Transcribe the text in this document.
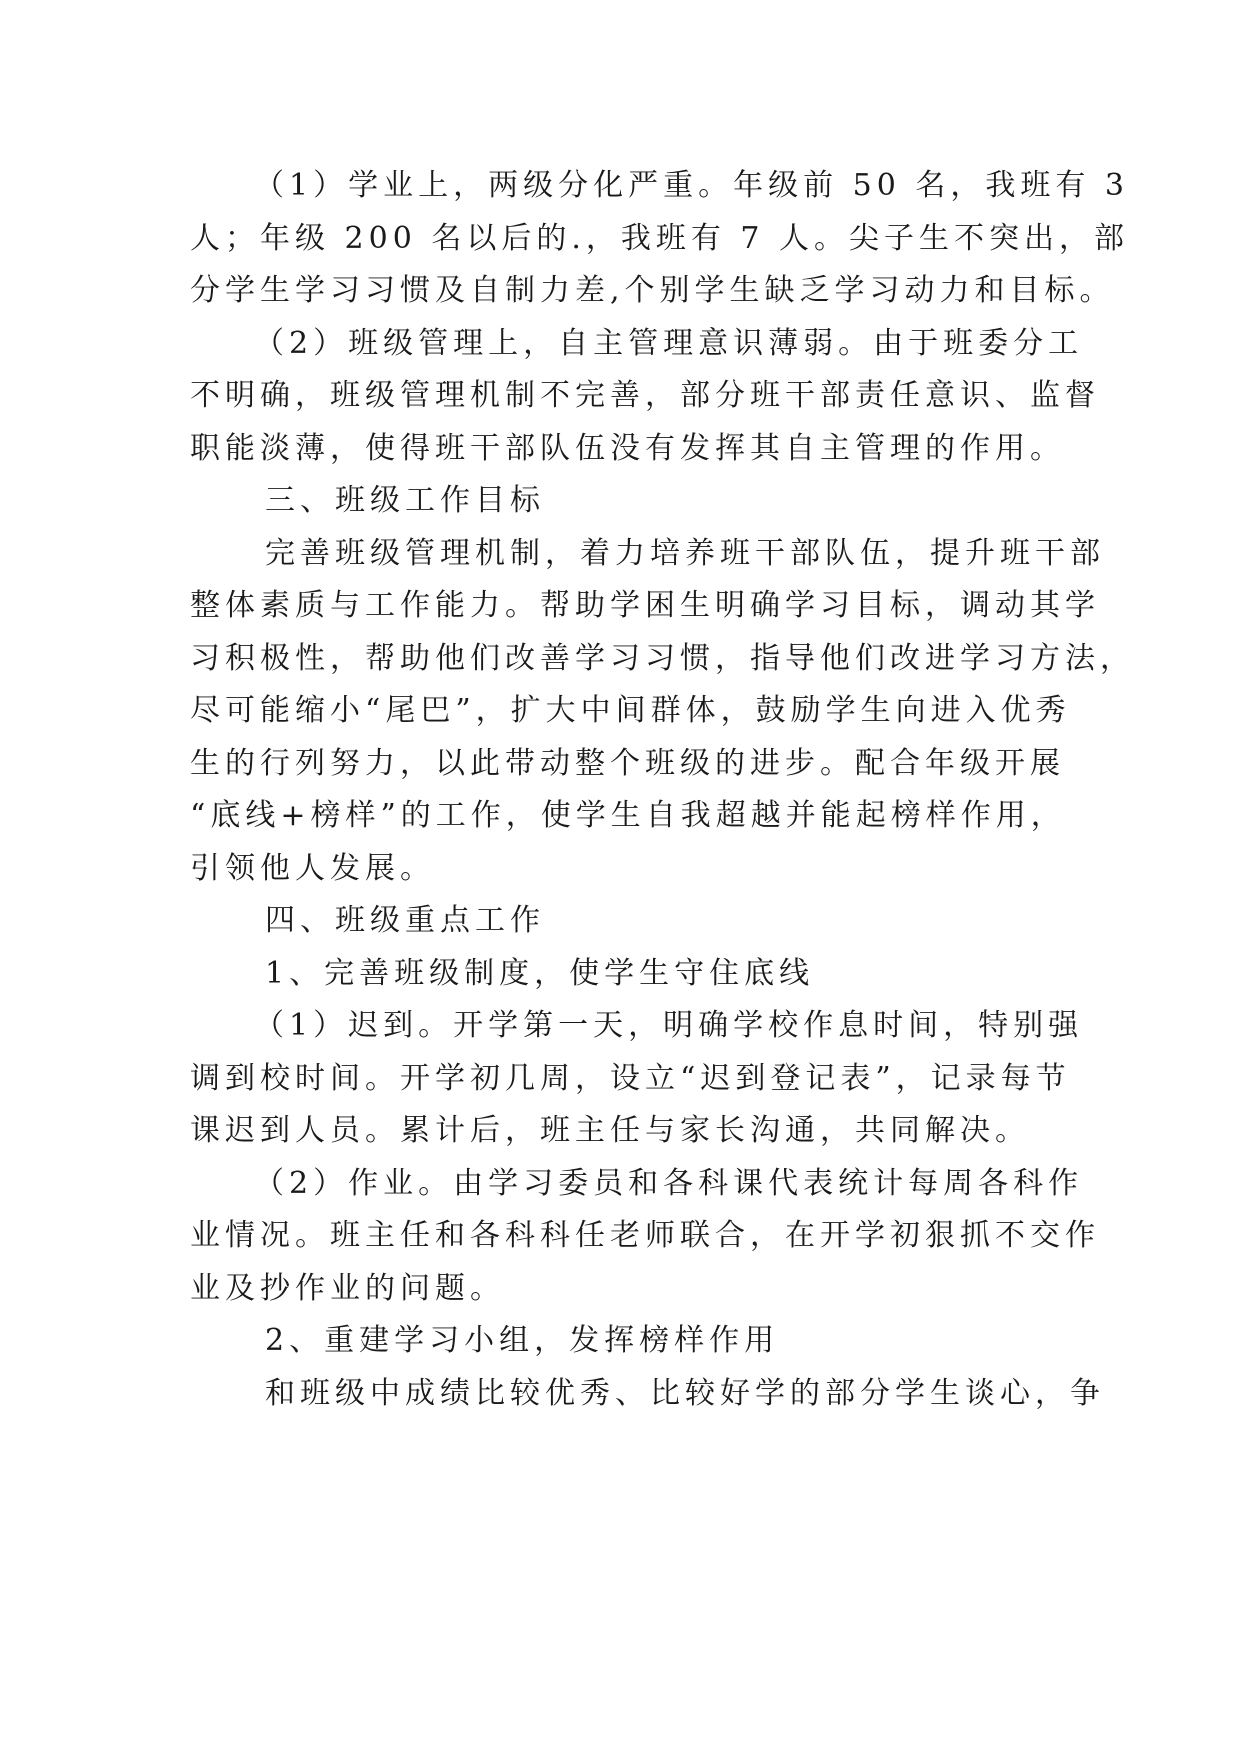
（1）学业上，两级分化严重。年级前 50 名，我班有 3
人；年级 200 名以后的.，我班有 7 人。尖子生不突出，部
分学生学习习惯及自制力差,个别学生缺乏学习动力和目标。
（2）班级管理上，自主管理意识薄弱。由于班委分工
不明确，班级管理机制不完善，部分班干部责任意识、监督
职能淡薄，使得班干部队伍没有发挥其自主管理的作用。
三、班级工作目标
完善班级管理机制，着力培养班干部队伍，提升班干部
整体素质与工作能力。帮助学困生明确学习目标，调动其学
习积极性，帮助他们改善学习习惯，指导他们改进学习方法，
尽可能缩小“尾巴”，扩大中间群体，鼓励学生向进入优秀
生的行列努力，以此带动整个班级的进步。配合年级开展
“底线+榜样”的工作，使学生自我超越并能起榜样作用，
引领他人发展。
四、班级重点工作
1、完善班级制度，使学生守住底线
（1）迟到。开学第一天，明确学校作息时间，特别强
调到校时间。开学初几周，设立“迟到登记表”，记录每节
课迟到人员。累计后，班主任与家长沟通，共同解决。
（2）作业。由学习委员和各科课代表统计每周各科作
业情况。班主任和各科科任老师联合，在开学初狠抓不交作
业及抄作业的问题。
2、重建学习小组，发挥榜样作用
和班级中成绩比较优秀、比较好学的部分学生谈心，争
